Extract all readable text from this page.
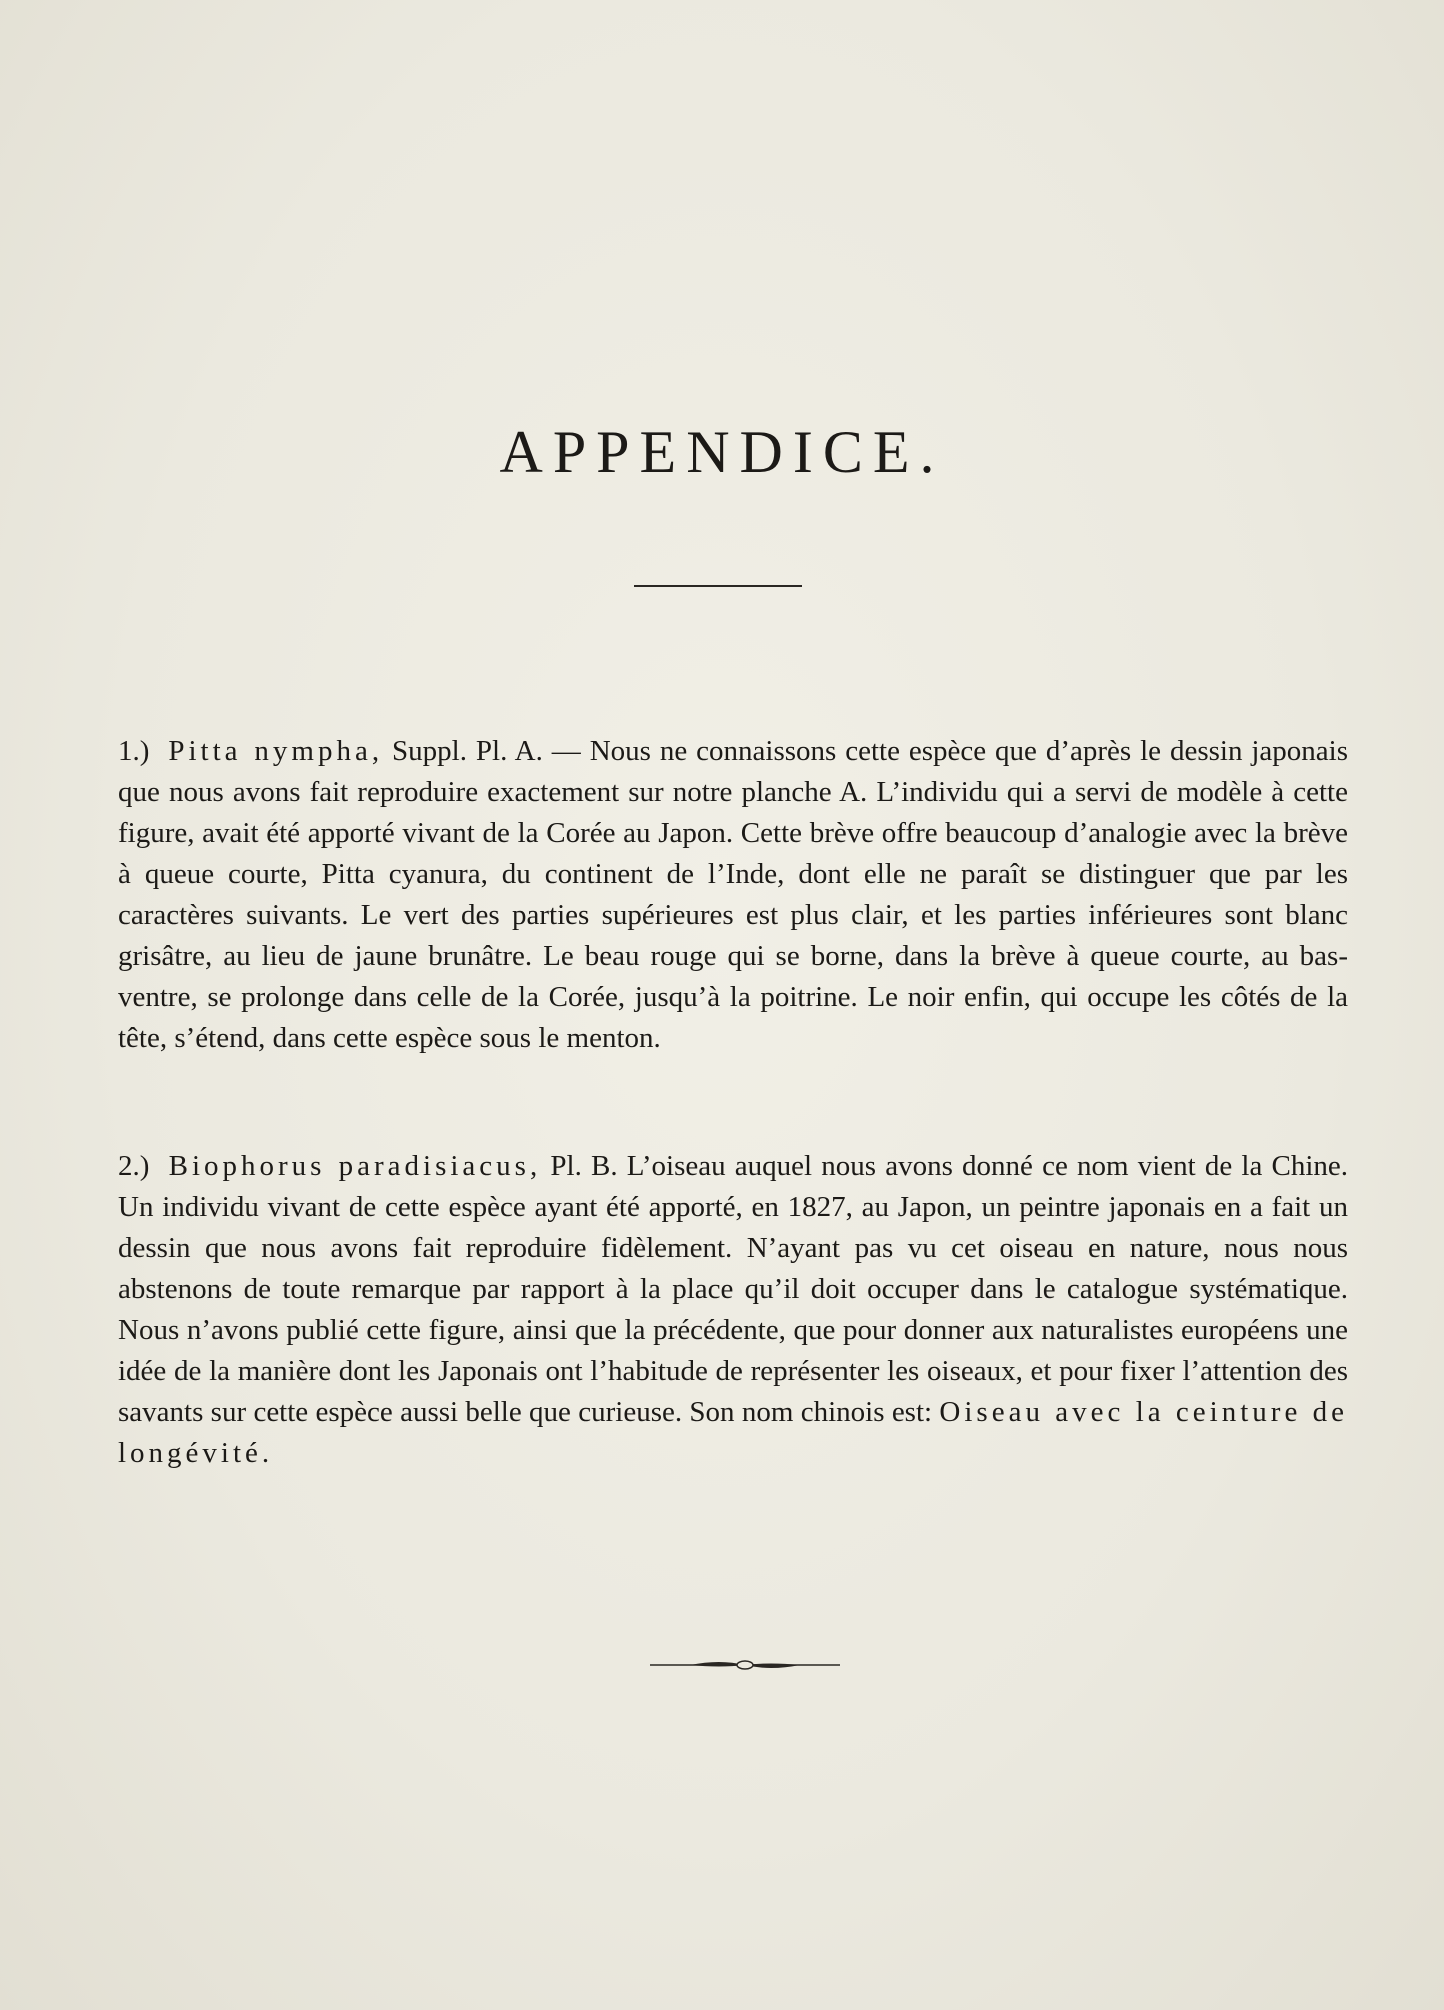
APPENDICE.

1.) Pitta nympha, Suppl. Pl. A. — Nous ne connaissons cette espèce que d’après le dessin japonais que nous avons fait reproduire exactement sur notre planche A. L’individu qui a servi de modèle à cette figure, avait été apporté vivant de la Corée au Japon. Cette brève offre beaucoup d’analogie avec la brève à queue courte, Pitta cyanura, du continent de l’Inde, dont elle ne paraît se distinguer que par les caractères suivants. Le vert des parties supérieures est plus clair, et les parties inférieures sont blanc grisâtre, au lieu de jaune brunâtre. Le beau rouge qui se borne, dans la brève à queue courte, au bas-ventre, se prolonge dans celle de la Corée, jusqu’à la poitrine. Le noir enfin, qui occupe les côtés de la tête, s’étend, dans cette espèce sous le menton.

2.) Biophorus paradisiacus, Pl. B. L’oiseau auquel nous avons donné ce nom vient de la Chine. Un individu vivant de cette espèce ayant été apporté, en 1827, au Japon, un peintre japonais en a fait un dessin que nous avons fait reproduire fidèlement. N’ayant pas vu cet oiseau en nature, nous nous abstenons de toute remarque par rapport à la place qu’il doit occuper dans le catalogue systématique. Nous n’avons publié cette figure, ainsi que la précédente, que pour donner aux naturalistes européens une idée de la manière dont les Japonais ont l’habitude de représenter les oiseaux, et pour fixer l’attention des savants sur cette espèce aussi belle que curieuse. Son nom chinois est: Oiseau avec la ceinture de longévité.
